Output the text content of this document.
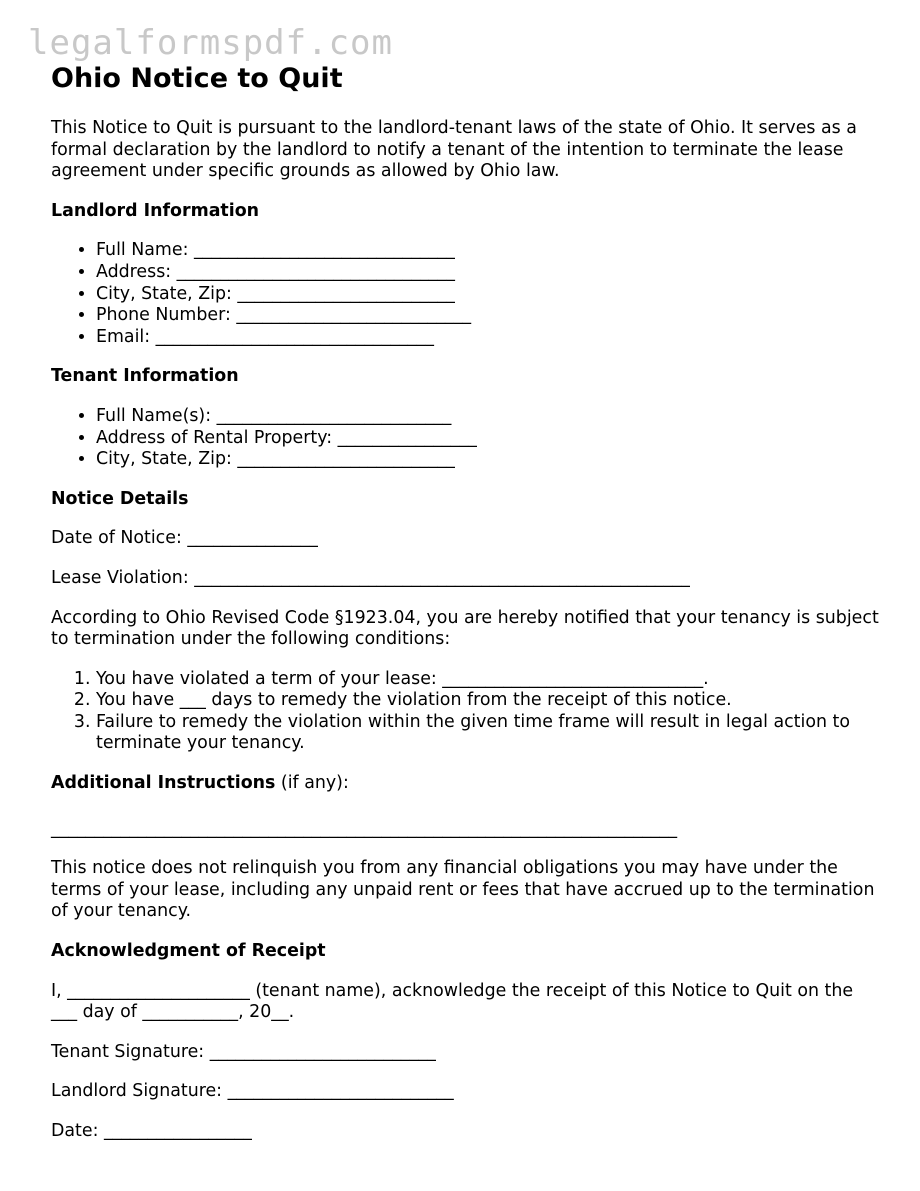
legalformspdf.com
Ohio Notice to Quit

This Notice to Quit is pursuant to the landlord-tenant laws of the state of Ohio. It serves as a formal declaration by the landlord to notify a tenant of the intention to terminate the lease agreement under specific grounds as allowed by Ohio law.

Landlord Information
• Full Name: ______________________________
• Address: ________________________________
• City, State, Zip: _________________________
• Phone Number: ___________________________
• Email: ________________________________
Tenant Information
• Full Name(s): ___________________________
• Address of Rental Property: ________________
• City, State, Zip: _________________________
Notice Details

Date of Notice: _______________

Lease Violation: _________________________________________________________

According to Ohio Revised Code §1923.04, you are hereby notified that your tenancy is subject to termination under the following conditions:

1. You have violated a term of your lease: ______________________________.
2. You have ___ days to remedy the violation from the receipt of this notice.
3. Failure to remedy the violation within the given time frame will result in legal action to terminate your tenancy.

Additional Instructions (if any):

________________________________________________________________________

This notice does not relinquish you from any financial obligations you may have under the terms of your lease, including any unpaid rent or fees that have accrued up to the termination of your tenancy.

Acknowledgment of Receipt

I, _____________________ (tenant name), acknowledge the receipt of this Notice to Quit on the ___ day of ___________, 20__.

Tenant Signature: __________________________

Landlord Signature: __________________________

Date: _________________
